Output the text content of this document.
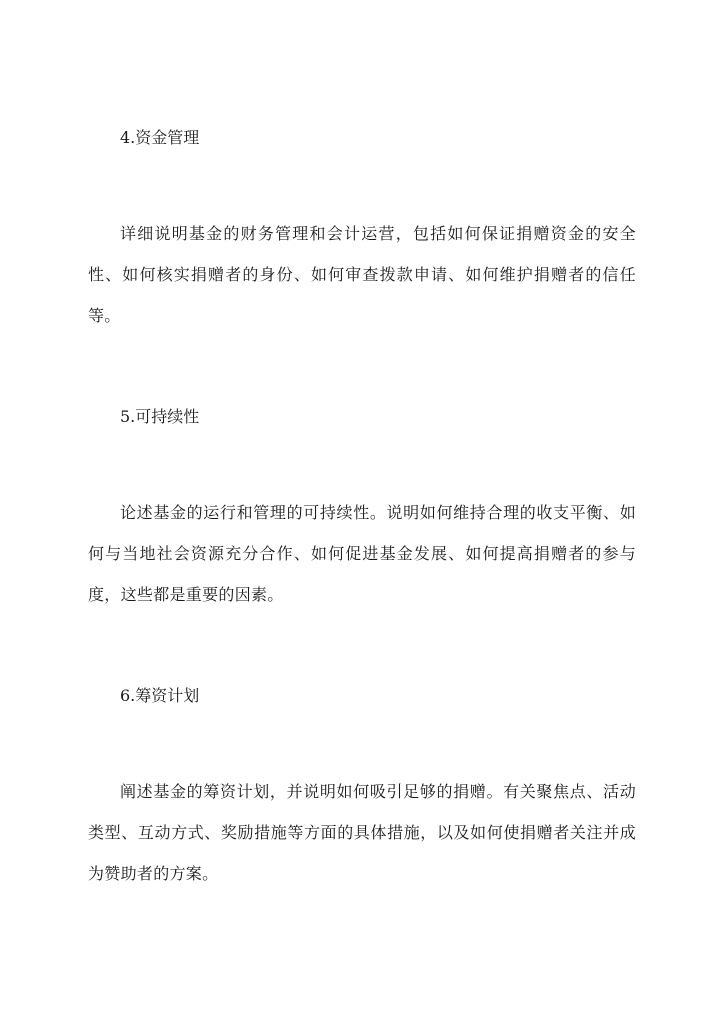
4.资金管理

详细说明基金的财务管理和会计运营，包括如何保证捐赠资金的安全性、如何核实捐赠者的身份、如何审查拨款申请、如何维护捐赠者的信任等。

5.可持续性

论述基金的运行和管理的可持续性。说明如何维持合理的收支平衡、如何与当地社会资源充分合作、如何促进基金发展、如何提高捐赠者的参与度，这些都是重要的因素。

6.筹资计划

阐述基金的筹资计划，并说明如何吸引足够的捐赠。有关聚焦点、活动类型、互动方式、奖励措施等方面的具体措施，以及如何使捐赠者关注并成为赞助者的方案。
